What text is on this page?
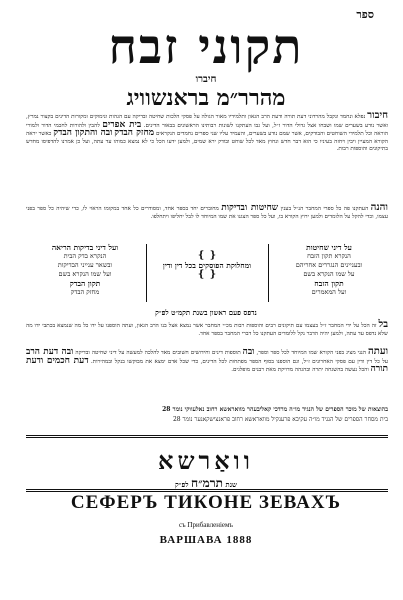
ספר
תקוני זבח
חיברו
מהרר״מ בראנשוויג
חיבור נפלא ונחמד ונקבל מהרדוני דעת תורה ודעת הרב הגאון ותלמידיו מאור הגולה על פסקי הלכות שחיטה ובדיקה עם הגהות ונימוקים ומקורות הדינים בקצור נמרץ, ואשר נודע בשערים שמו ושבחו אצל גדולי הדור ז״ל, ועל גבו העתקנו לשונות רבותינו הראשונים בבאור הדינים. בית אפרים להבין ולהורות לחכמי הדור ולמורי הוראה וכל תלמידי השוחטים והבודקים, אשר שמם נודע בשערים, והעמיד עליו שני ספרים נחמדים הנקראים מחזק הבדק ובה והתקון הבדק כאשר יראה הקורא המעיין ויבין ויחזה בעיניו כי הוא דבר חדש ונחוץ מאד לכל שוחט ובודק ירא שמים, ולמען ידעו הכל כי לא נמצא כמוהו עד עתה, ועל כן אמרנו להדפיסו מחדש בתיקונים והוספות רבות.
והנה העתקנו פה כל ספרי המחבר הנ״ל בענין שחיטות ובדיקות מחוברים יחד בספר אחד, ומסודרים כל אחד במקומו הראוי לו, כדי שיהיה כל ספר בפני עצמו, וכדי להקל על הלומדים ולמען ירוץ הקורא בו, ועל כל ספר הצגנו את שמו המיוחד לו לבל יחליפו ויתחלפו.
על דיני שחיטות
הנקרא תקון הזבח
ובעניינים הנגררים אחריהם
על שמו הנקרא בשם
תקון הזבח
ועל המאמרים
❴ ❵
ומחלוקת הפוסקים בכל דין ודין
❴ ❵
ועל דיני בדיקות הריאה
הנקרא בדק הבית
ובשאר ענייני הבדיקות
ועל שמו הנקרא בשם
תקון הבדק
מחזק הבדק
נדפס פעם ראשון בשנת תקמ״ט לפ״ק
בל זה הכל על ידי המחבר ז״ל בעצמו עם תיקונים רבים והוספות רבות מכ״י המחבר אשר נמצא אצל בנו הרב הגאון, ועתה הוספנו על ידו כל מה שנמצא בכתבי ידו מה שלא נדפס עד עתה, ולמען יהיה הדבר נקל ללומדים העתקנו כל דברי המחבר בספר אחד.
ועתה הנני מציג בפני הקורא שמו המיוחד לכל ספר וספר, ובה תוספות דינים וחידושים חשובים מאד להלכה למעשה על דיני שחיטה ובדיקה ובה דעת הרב על כל דין ודין עם פסקי האחרונים ז״ל, וגם הוספנו בסוף הספר מפתחות לכל הדינים, כדי שכל אדם ימצא את מבוקשו בנקל ובמהירות. דעת חכמים ודעת תורה והכל נעשה בהשגחה יתרה ובהגהה מדויקת מאת רבנים מופלגים.
בהוצאות של מוכר הספרים של הנגיד מו״ה מרדכי קאליבעהר מוואראשא רחוב נאלעווקי נומר 28
בית מסחר הספרים של הנגיד מו״ה עקיבא פרענקיל מוואראשא רחוב פראנצישקאנער נומר 28
וואַרשא
שנת תרמ״ח לפ״ק
СЕФЕРЪ ТИКОНЕ ЗЕВАХЪ
съ Прибавленіемъ
ВАРШАВА 1888
